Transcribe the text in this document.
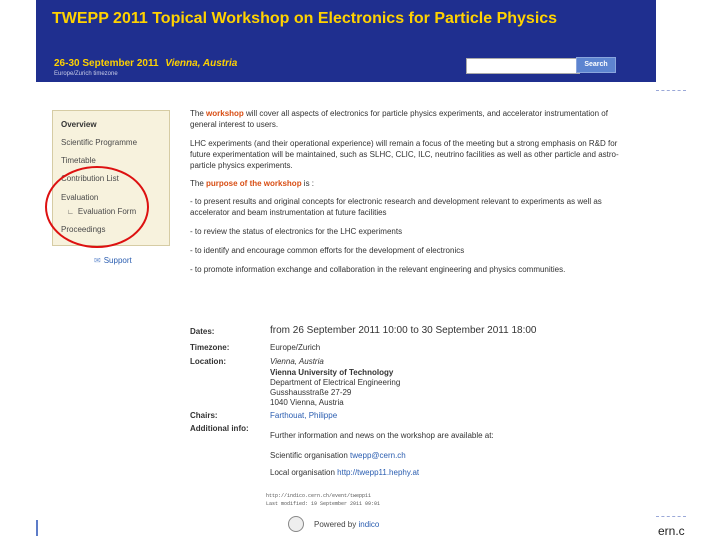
TWEPP 2011 Topical Workshop on Electronics for Particle Physics
26-30 September 2011 Vienna, Austria
Europe/Zurich timezone
Search
Overview
Scientific Programme
Timetable
Contribution List
Evaluation
∟ Evaluation Form
Proceedings
✉ Support
The workshop will cover all aspects of electronics for particle physics experiments, and accelerator instrumentation of general interest to users.
LHC experiments (and their operational experience) will remain a focus of the meeting but a strong emphasis on R&D for future experimentation will be maintained, such as SLHC, CLIC, ILC, neutrino facilities as well as other particle and astro-particle physics experiments.
The purpose of the workshop is :
- to present results and original concepts for electronic research and development relevant to experiments as well as accelerator and beam instrumentation at future facilities
- to review the status of electronics for the LHC experiments
- to identify and encourage common efforts for the development of electronics
- to promote information exchange and collaboration in the relevant engineering and physics communities.
Dates:	from 26 September 2011 10:00 to 30 September 2011 18:00
Timezone:	Europe/Zurich
Location:	Vienna, Austria
Vienna University of Technology
Department of Electrical Engineering
Gusshausstraße 27-29
1040 Vienna, Austria
Chairs:	Farthouat, Philippe
Additional info:
Further information and news on the workshop are available at:
Scientific organisation twepp@cern.ch
Local organisation http://twepp11.hephy.at
http://indico.cern.ch/event/twepp11
Last modified: 19 September 2011 09:01
Powered by indico	ern.c
